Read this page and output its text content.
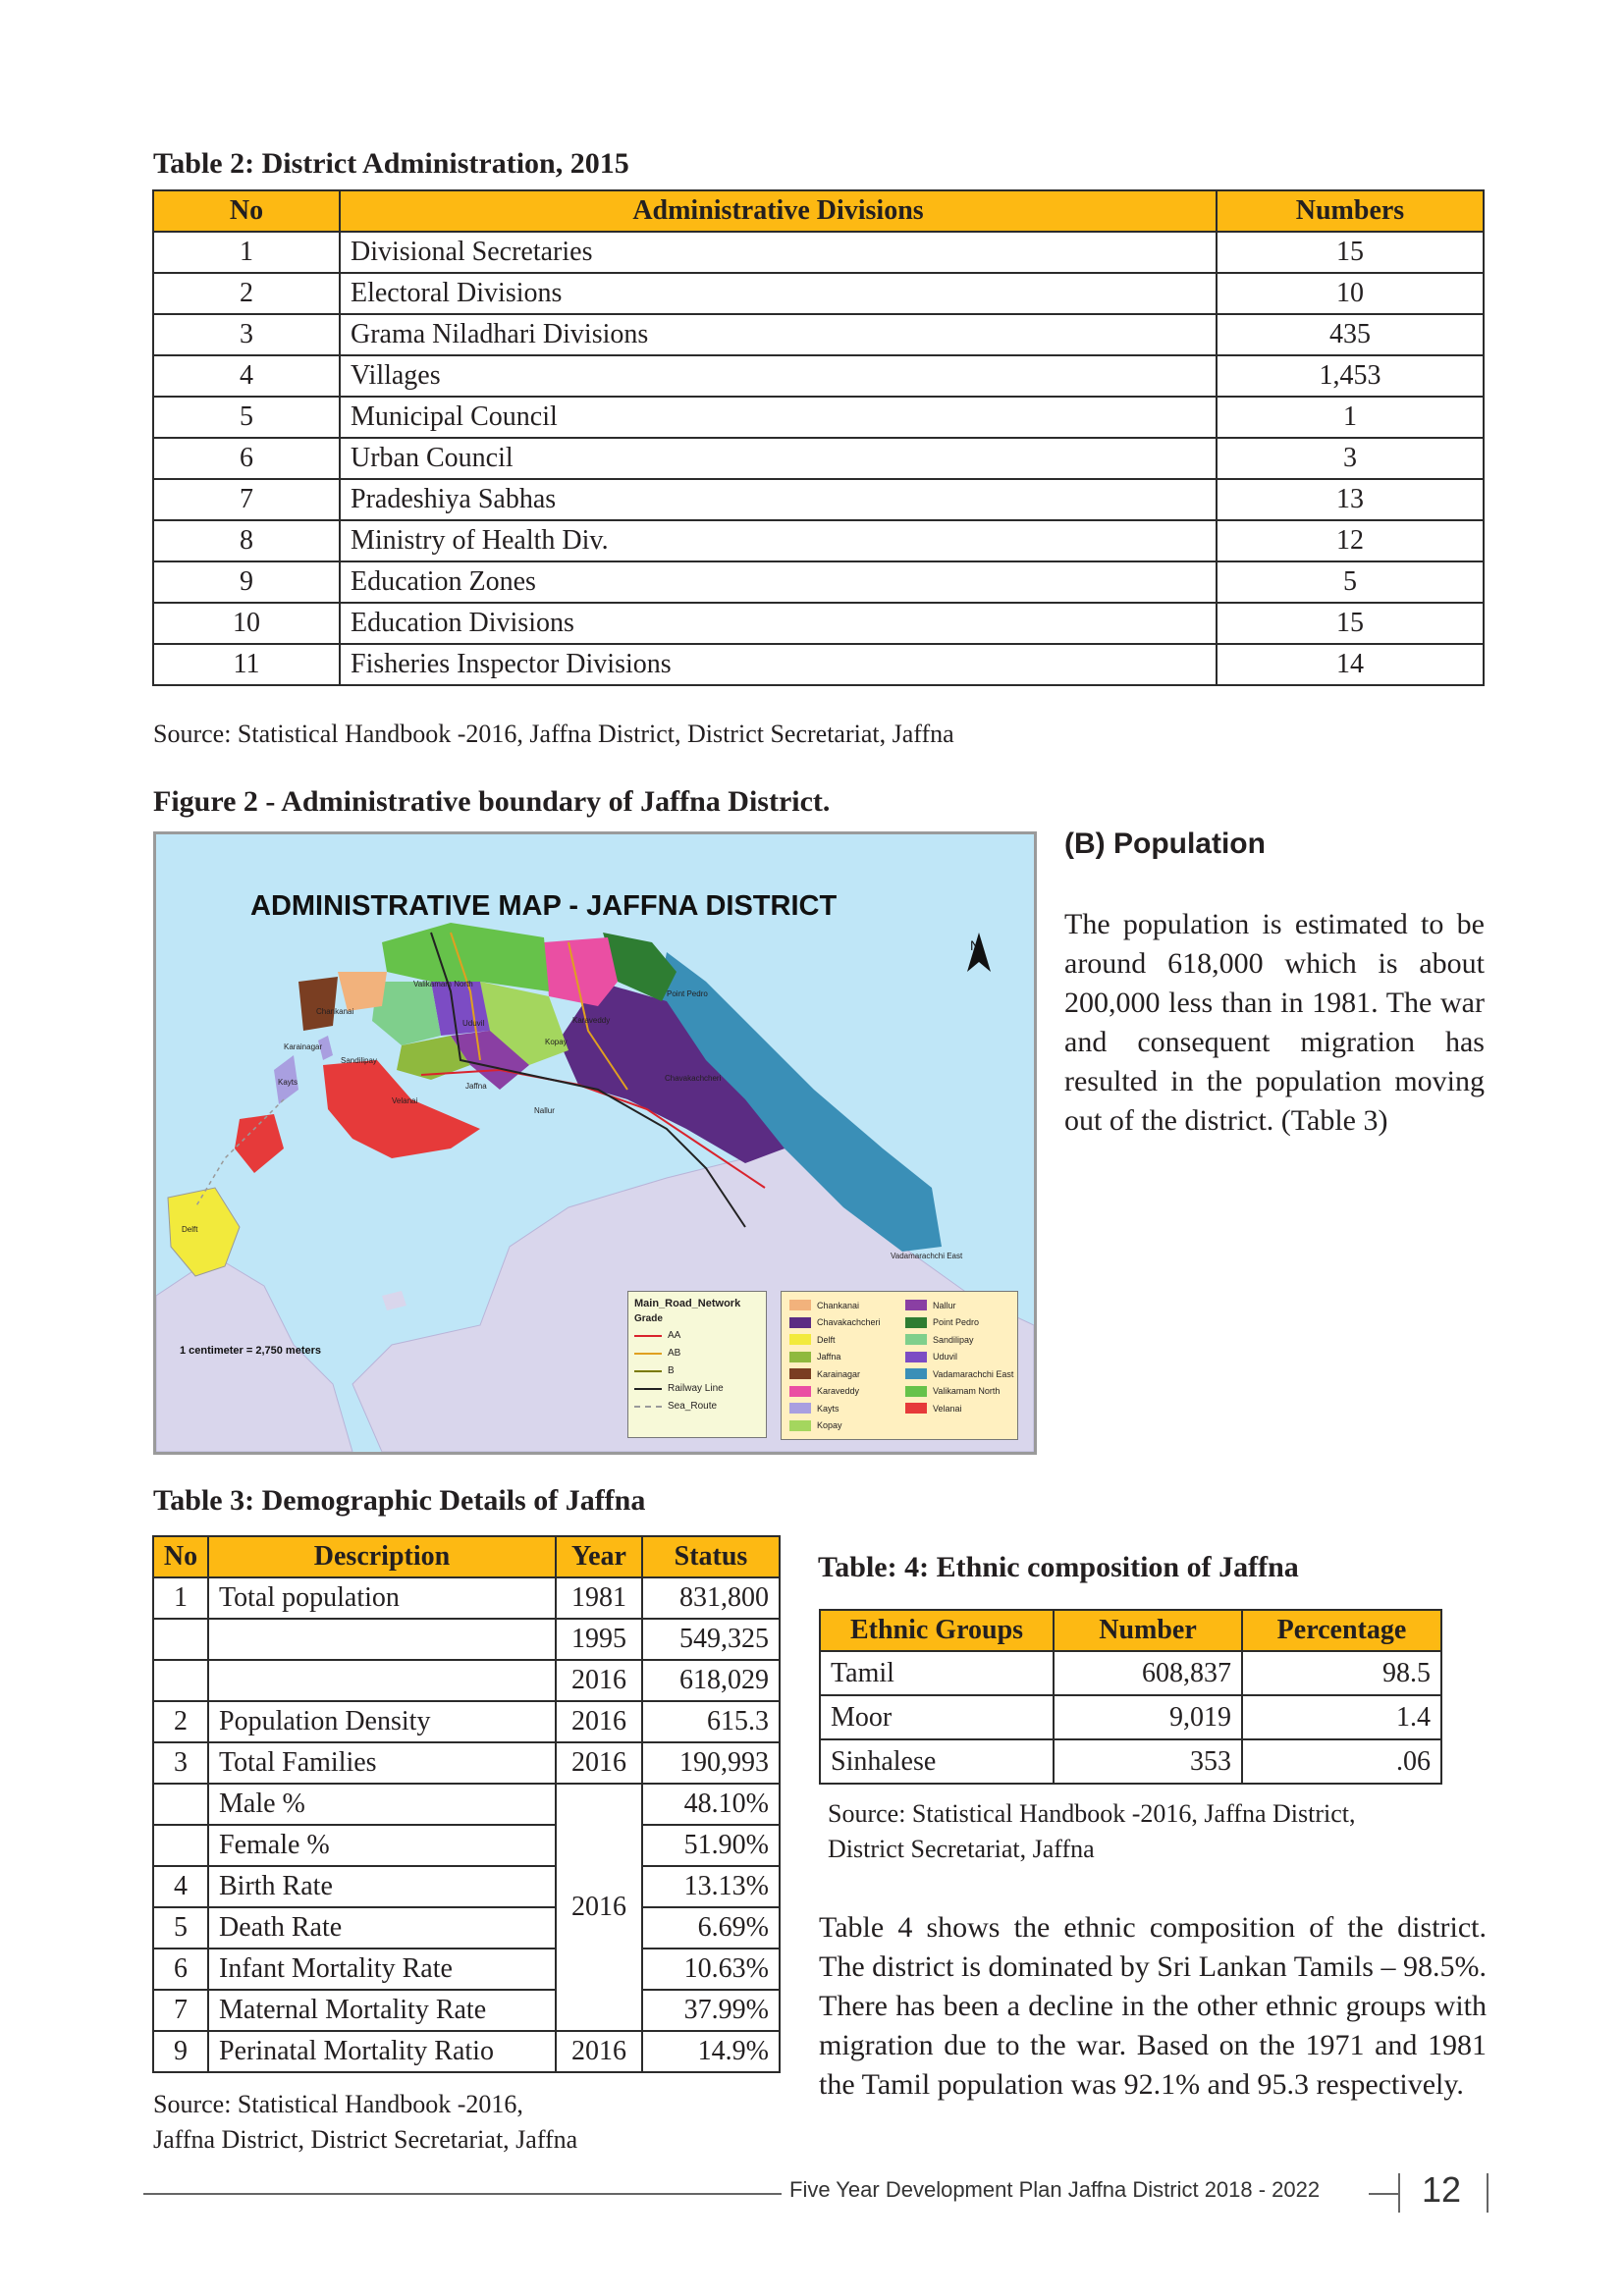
Table 2: District Administration, 2015
No	Administrative Divisions	Numbers
1	Divisional Secretaries	15
2	Electoral Divisions	10
3	Grama Niladhari Divisions	435
4	Villages	1,453
5	Municipal Council	1
6	Urban Council	3
7	Pradeshiya Sabhas	13
8	Ministry of Health Div.	12
9	Education Zones	5
10	Education Divisions	15
11	Fisheries Inspector Divisions	14
Source: Statistical Handbook -2016, Jaffna District, District Secretariat, Jaffna
Figure 2 - Administrative boundary of Jaffna District.
ADMINISTRATIVE MAP - JAFFNA DISTRICT
N
1 centimeter = 2,750 meters
Valikamam North
Chankanai
Point Pedro
Uduvil	Karaveddy
Karainagar
Kopay
Sandilipay
Kayts	Chavakachcheri
Jaffna
Velanai
Nallur
Delft
Vadamarachchi East
Main_Road_Network
Grade
AA
AB
B
Railway Line
Sea_Route
Chankanai
Chavakachcheri
Delft
Jaffna
Karainagar
Karaveddy
Kayts
Kopay
Nallur
Point Pedro
Sandilipay
Uduvil
Vadamarachchi East
Valikamam North
Velanai
(B) Population
The population is estimated to be around 618,000 which is about 200,000 less than in 1981. The war and consequent migration has resulted in the population moving out of the district. (Table 3)
Table 3: Demographic Details of Jaffna
No	Description	Year	Status
1	Total population	1981	831,800
		1995	549,325
		2016	618,029
2	Population Density	2016	615.3
3	Total Families	2016	190,993
	Male %	2016	48.10%
	Female %		51.90%
4	Birth Rate		13.13%
5	Death Rate		6.69%
6	Infant Mortality Rate		10.63%
7	Maternal Mortality Rate		37.99%
9	Perinatal Mortality Ratio	2016	14.9%
Source: Statistical Handbook -2016,
Jaffna District, District Secretariat, Jaffna
Table: 4: Ethnic composition of Jaffna
Ethnic Groups	Number	Percentage
Tamil	608,837	98.5
Moor	9,019	1.4
Sinhalese	353	.06
Source: Statistical Handbook -2016, Jaffna District,
District Secretariat, Jaffna
Table 4 shows the ethnic composition of the district. The district is dominated by Sri Lankan Tamils – 98.5%. There has been a decline in the other ethnic groups with migration due to the war. Based on the 1971 and 1981 the Tamil population was 92.1% and 95.3 respectively.
Five Year Development Plan Jaffna District 2018 - 2022	12
